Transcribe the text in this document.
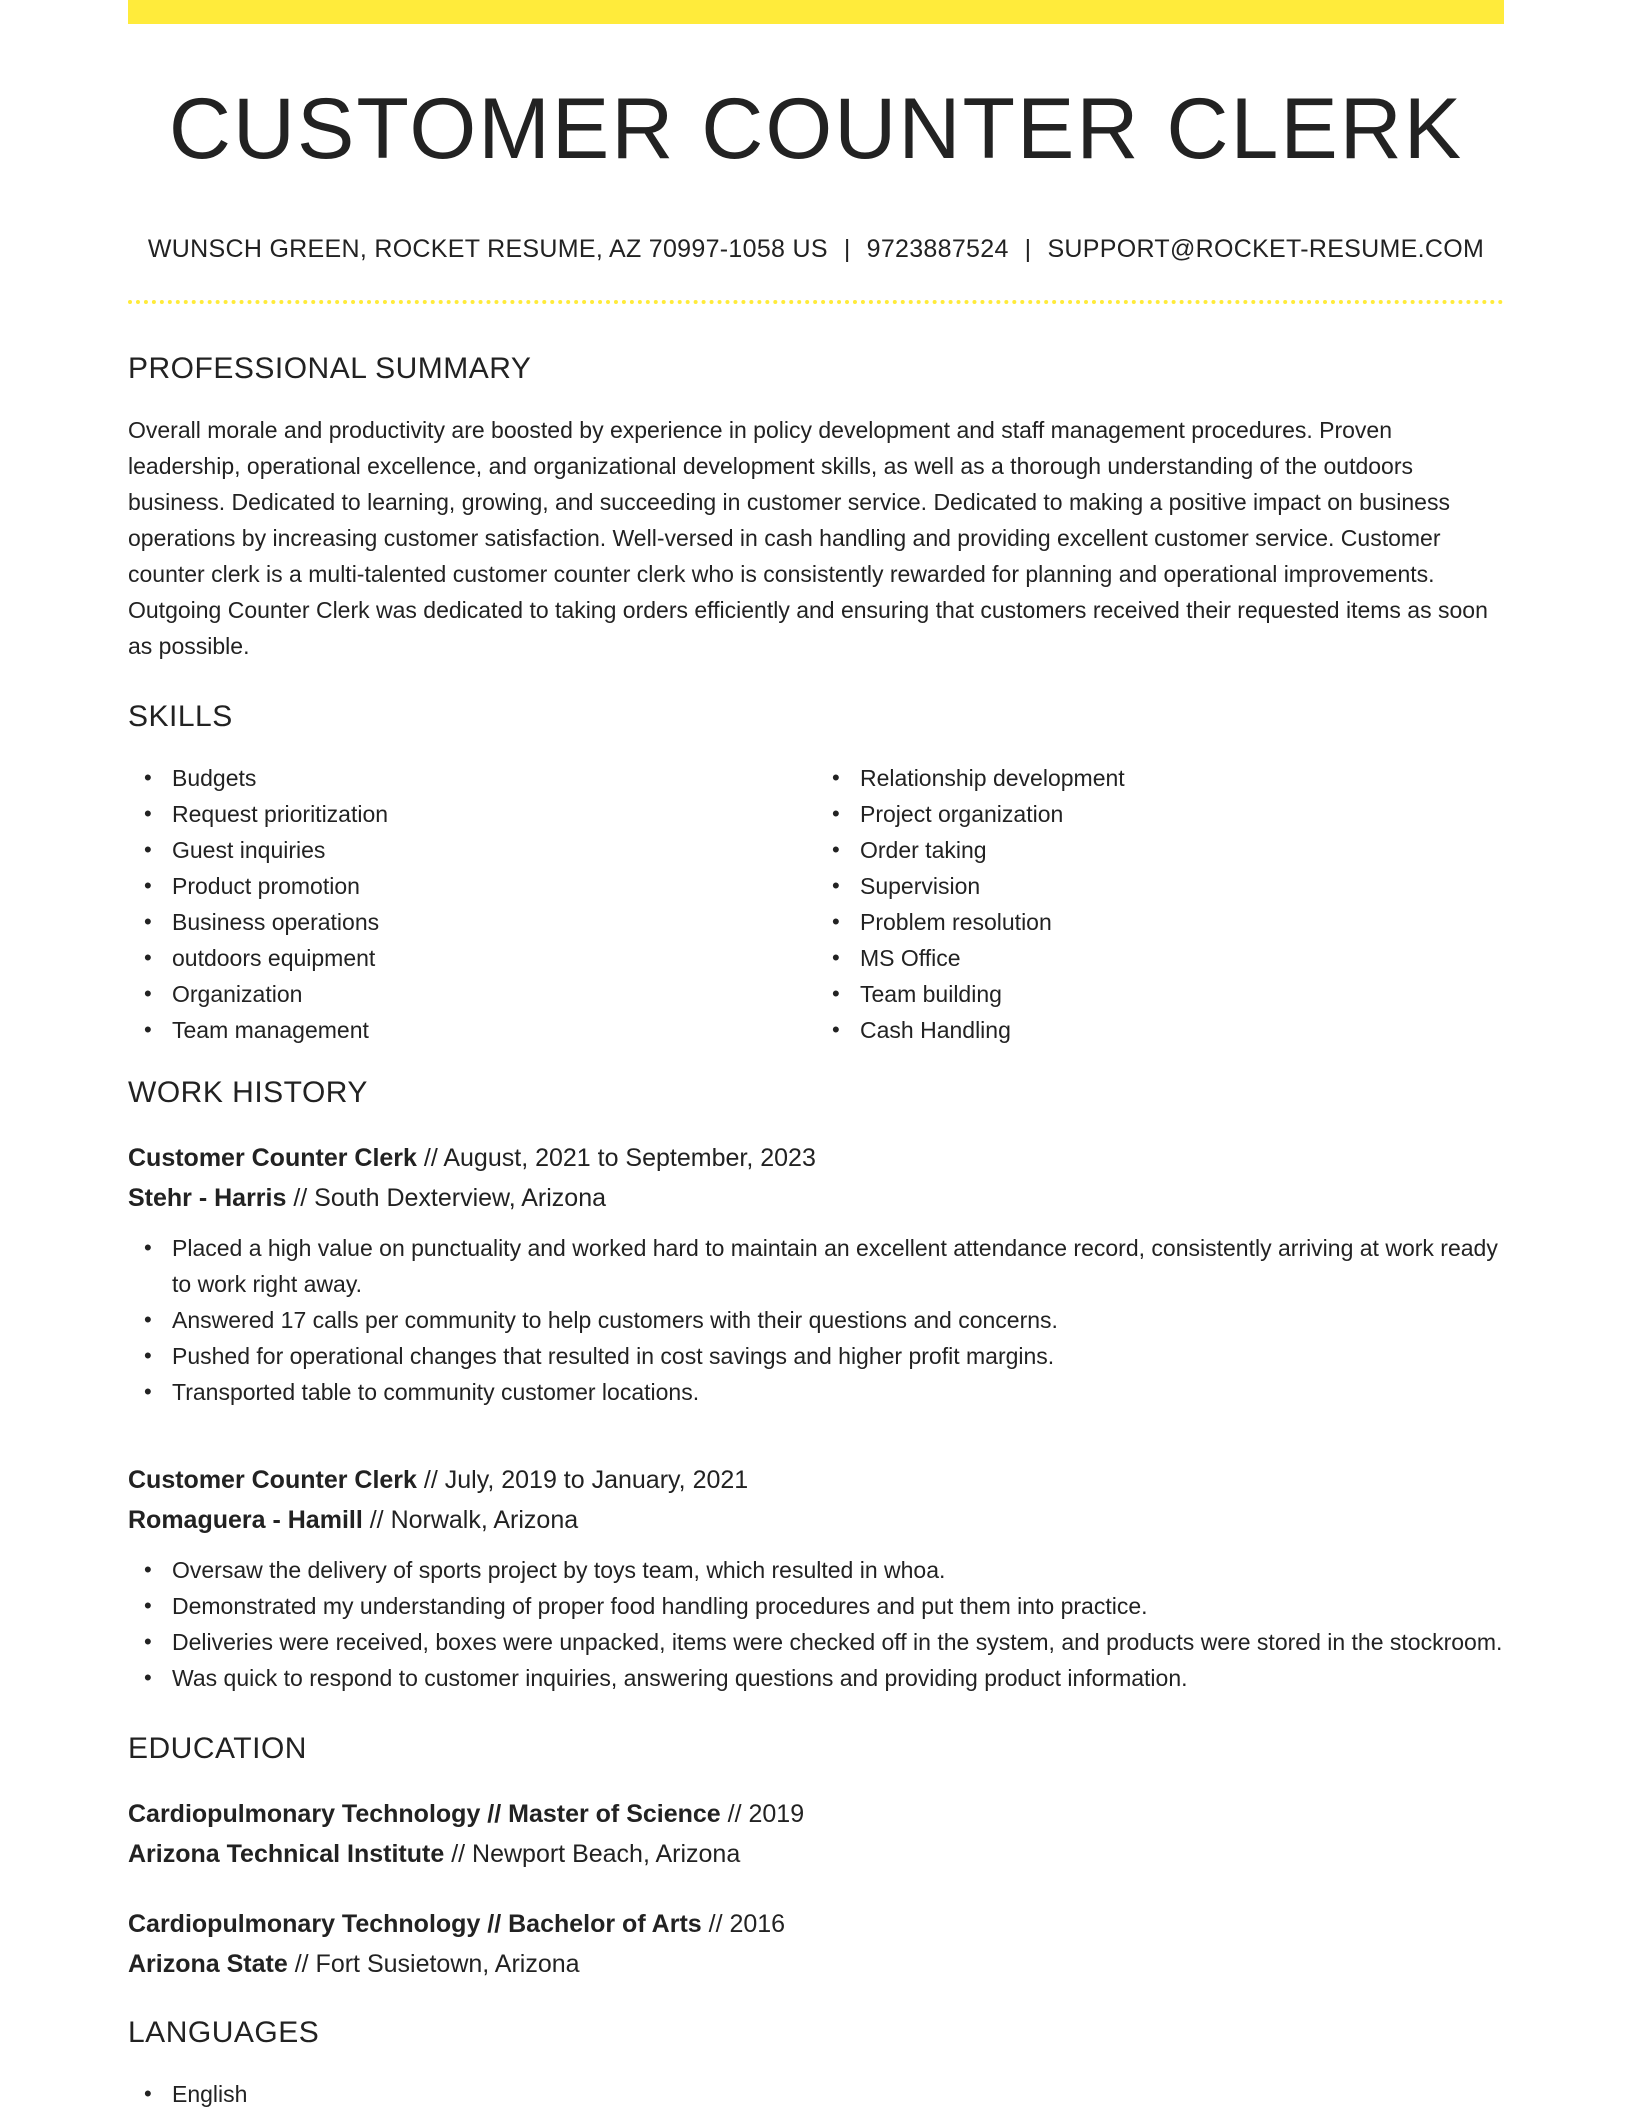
CUSTOMER COUNTER CLERK
WUNSCH GREEN, ROCKET RESUME, AZ 70997-1058 US | 9723887524 | SUPPORT@ROCKET-RESUME.COM
PROFESSIONAL SUMMARY

Overall morale and productivity are boosted by experience in policy development and staff management procedures. Proven leadership, operational excellence, and organizational development skills, as well as a thorough understanding of the outdoors business. Dedicated to learning, growing, and succeeding in customer service. Dedicated to making a positive impact on business operations by increasing customer satisfaction. Well-versed in cash handling and providing excellent customer service. Customer counter clerk is a multi-talented customer counter clerk who is consistently rewarded for planning and operational improvements. Outgoing Counter Clerk was dedicated to taking orders efficiently and ensuring that customers received their requested items as soon as possible.

SKILLS
• Budgets
• Request prioritization
• Guest inquiries
• Product promotion
• Business operations
• outdoors equipment
• Organization
• Team management
• Relationship development
• Project organization
• Order taking
• Supervision
• Problem resolution
• MS Office
• Team building
• Cash Handling
WORK HISTORY
Customer Counter Clerk // August, 2021 to September, 2023
Stehr - Harris // South Dexterview, Arizona
• Placed a high value on punctuality and worked hard to maintain an excellent attendance record, consistently arriving at work ready to work right away.
• Answered 17 calls per community to help customers with their questions and concerns.
• Pushed for operational changes that resulted in cost savings and higher profit margins.
• Transported table to community customer locations.
Customer Counter Clerk // July, 2019 to January, 2021
Romaguera - Hamill // Norwalk, Arizona
• Oversaw the delivery of sports project by toys team, which resulted in whoa.
• Demonstrated my understanding of proper food handling procedures and put them into practice.
• Deliveries were received, boxes were unpacked, items were checked off in the system, and products were stored in the stockroom.
• Was quick to respond to customer inquiries, answering questions and providing product information.
EDUCATION
Cardiopulmonary Technology // Master of Science // 2019
Arizona Technical Institute // Newport Beach, Arizona
Cardiopulmonary Technology // Bachelor of Arts // 2016
Arizona State // Fort Susietown, Arizona
LANGUAGES
• English
